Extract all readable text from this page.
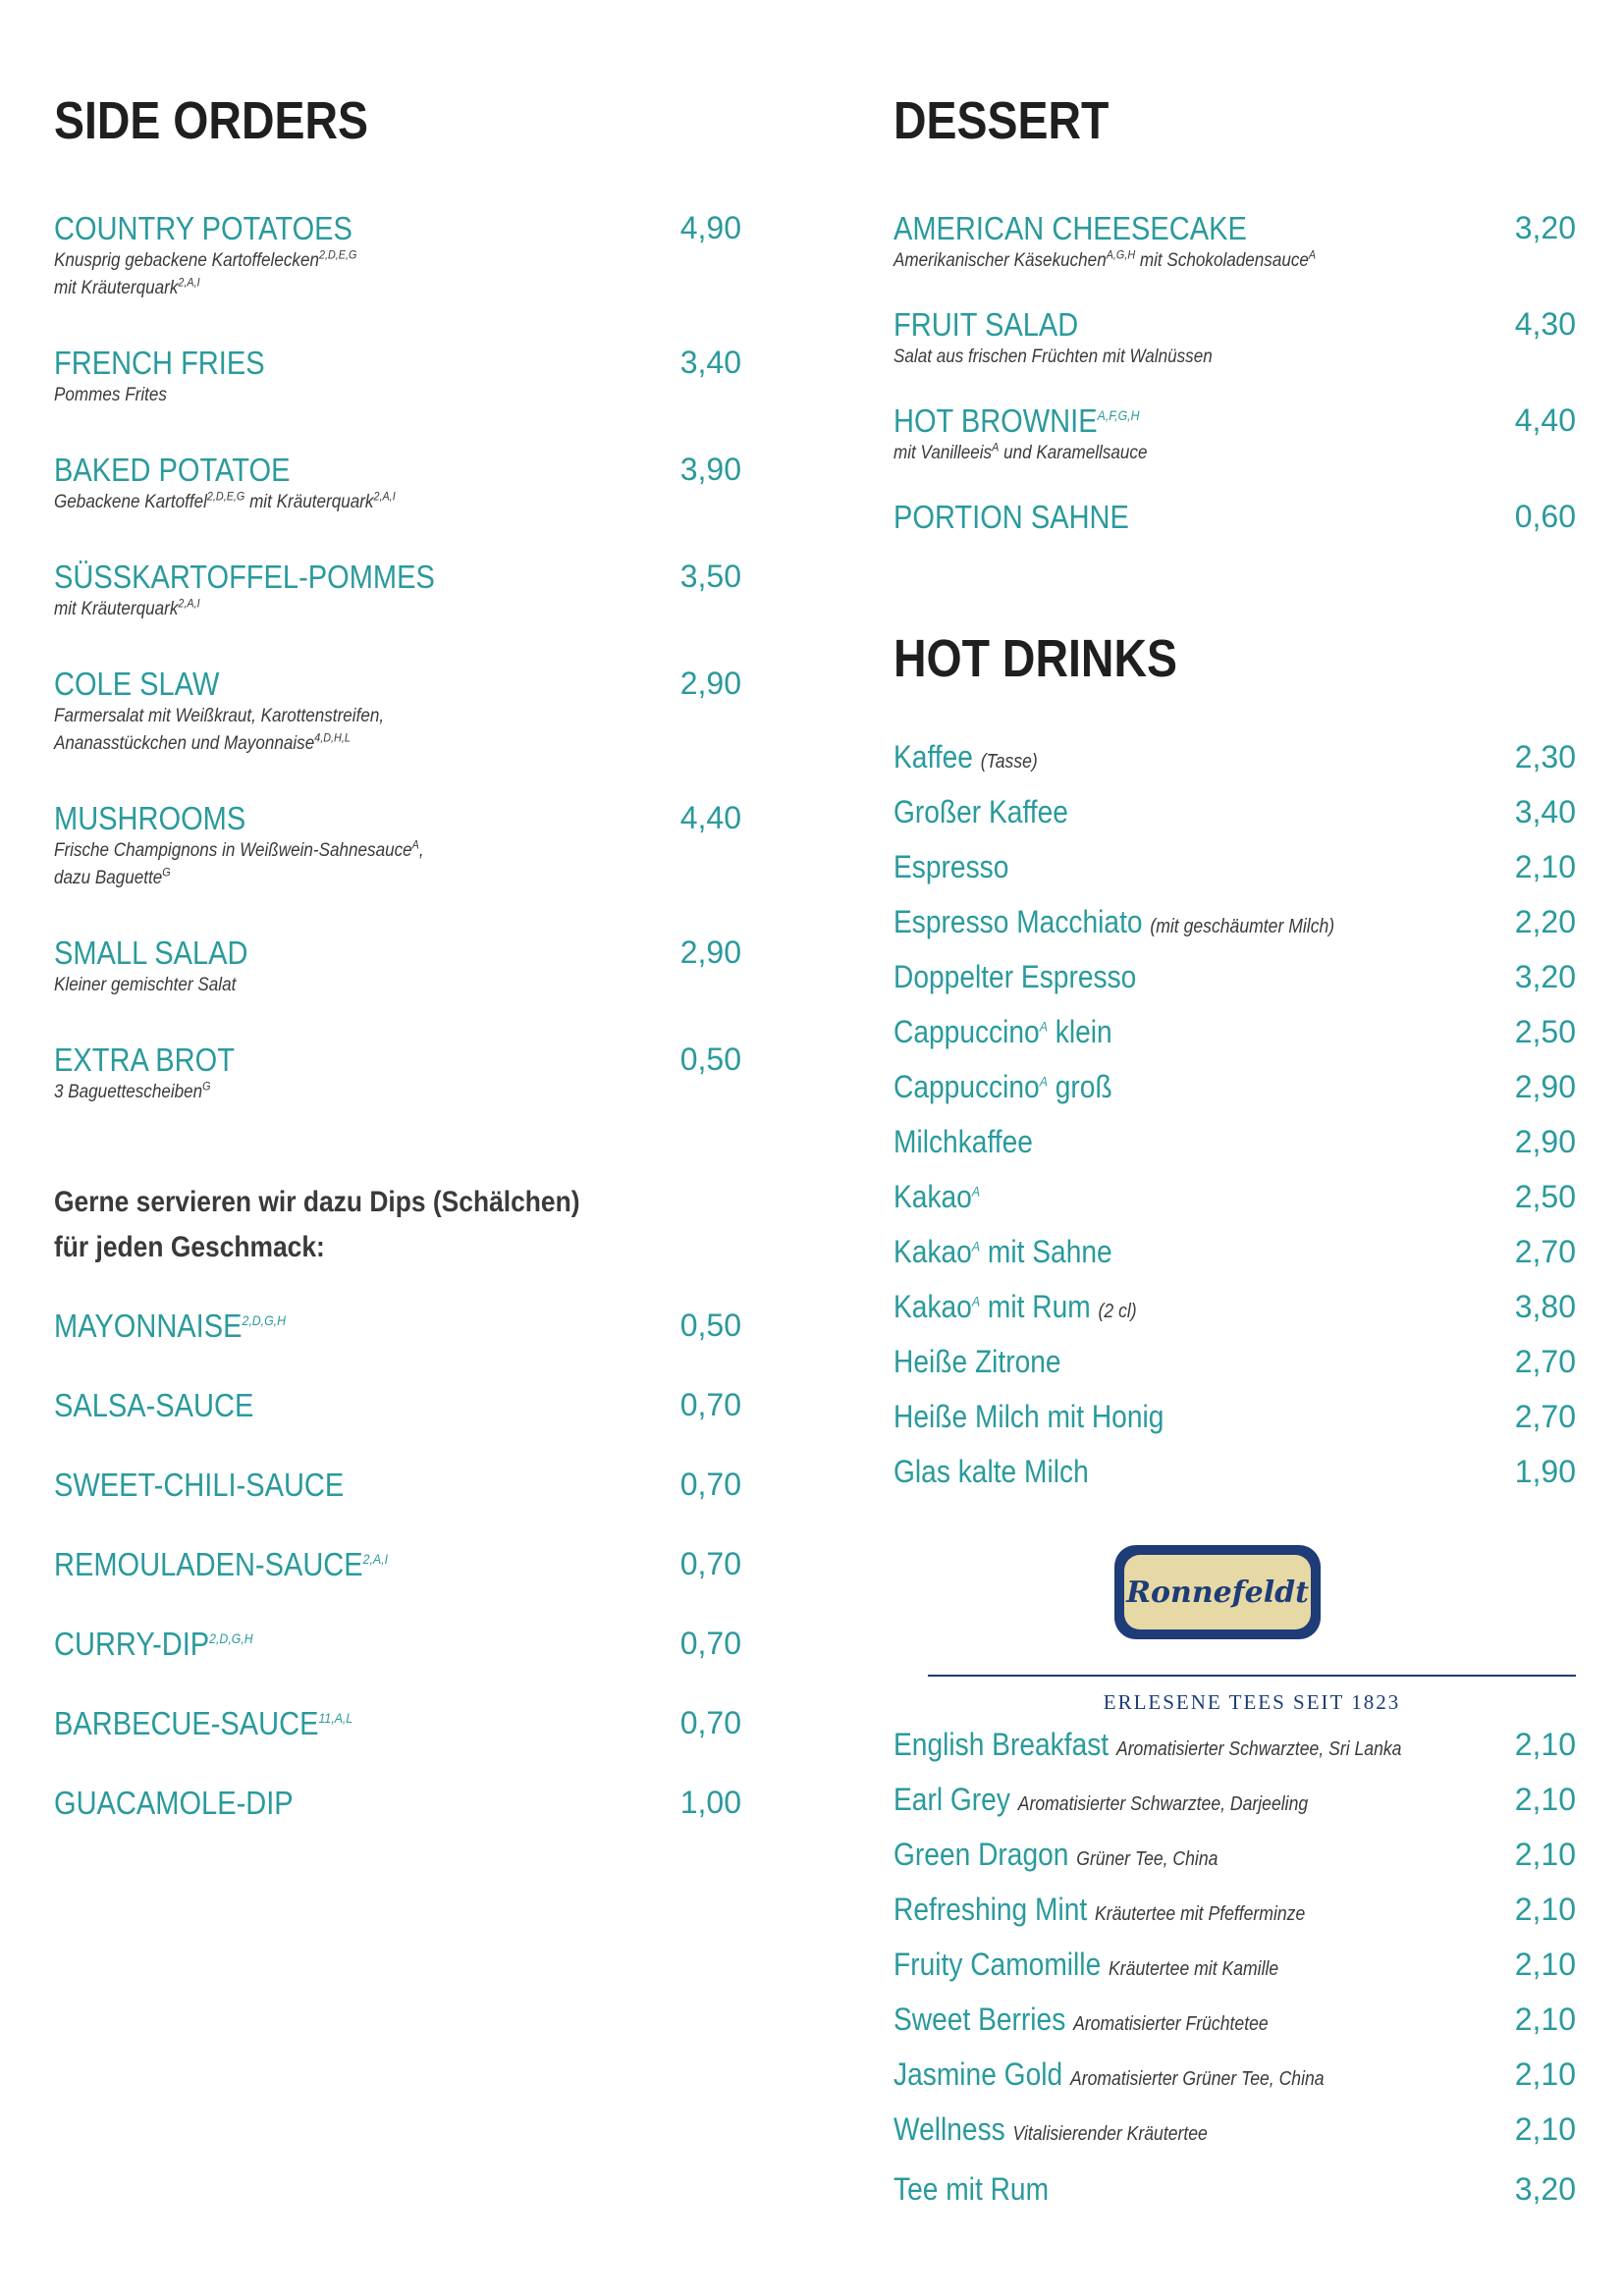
SIDE ORDERS
COUNTRY POTATOES	4,90
Knusprig gebackene Kartoffelecken$^{2,D,E,G}$
mit Kräuterquark$^{2,A,I}$
FRENCH FRIES	3,40
Pommes Frites
BAKED POTATOE	3,90
Gebackene Kartoffel$^{2,D,E,G}$ mit Kräuterquark$^{2,A,I}$
SÜSSKARTOFFEL-POMMES	3,50
mit Kräuterquark$^{2,A,I}$
COLE SLAW	2,90
Farmersalat mit Weißkraut, Karottenstreifen,
Ananasstückchen und Mayonnaise$^{4,D,H,L}$
MUSHROOMS	4,40
Frische Champignons in Weißwein-Sahnesauce$^A$,
dazu Baguette$^G$
SMALL SALAD	2,90
Kleiner gemischter Salat
EXTRA BROT	0,50
3 Baguettescheiben$^G$
Gerne servieren wir dazu Dips (Schälchen)
für jeden Geschmack:
$MAYONNAISE^{2,D,G,H}$	0,50
SALSA-SAUCE	0,70
SWEET-CHILI-SAUCE	0,70
REMOULADEN-$SAUCE^{2,A,I}$	0,70
CURRY-$DIP^{2,D,G,H}$	0,70
BARBECUE-$SAUCE^{11,A,L}$	0,70
GUACAMOLE-DIP	1,00
DESSERT
AMERICAN CHEESECAKE	3,20
Amerikanischer Käsekuchen$^{A,G,H}$ mit Schokoladensauce$^A$
FRUIT SALAD	4,30
Salat aus frischen Früchten mit Walnüssen
HOT $BROWNIE^{A,F,G,H}$	4,40
mit Vanilleeis$^A$ und Karamellsauce
PORTION SAHNE	0,60
HOT DRINKS
Kaffee (Tasse)	2,30
Großer Kaffee	3,40
Espresso	2,10
Espresso Macchiato (mit geschäumter Milch)	2,20
Doppelter Espresso	3,20
Cappuccino$^A$ klein	2,50
Cappuccino$^A$ groß	2,90
Milchkaffee	2,90
Kakao$^A$	2,50
Kakao$^A$ mit Sahne	2,70
Kakao$^A$ mit Rum (2 cl)	3,80
Heiße Zitrone	2,70
Heiße Milch mit Honig	2,70
Glas kalte Milch	1,90
Ronnefeldt
ERLESENE TEES SEIT 1823
English Breakfast Aromatisierter Schwarztee, Sri Lanka	2,10
Earl Grey Aromatisierter Schwarztee, Darjeeling	2,10
Green Dragon Grüner Tee, China	2,10
Refreshing Mint Kräutertee mit Pfefferminze	2,10
Fruity Camomille Kräutertee mit Kamille	2,10
Sweet Berries Aromatisierter Früchtetee	2,10
Jasmine Gold Aromatisierter Grüner Tee, China	2,10
Wellness Vitalisierender Kräutertee	2,10
Tee mit Rum	3,20
